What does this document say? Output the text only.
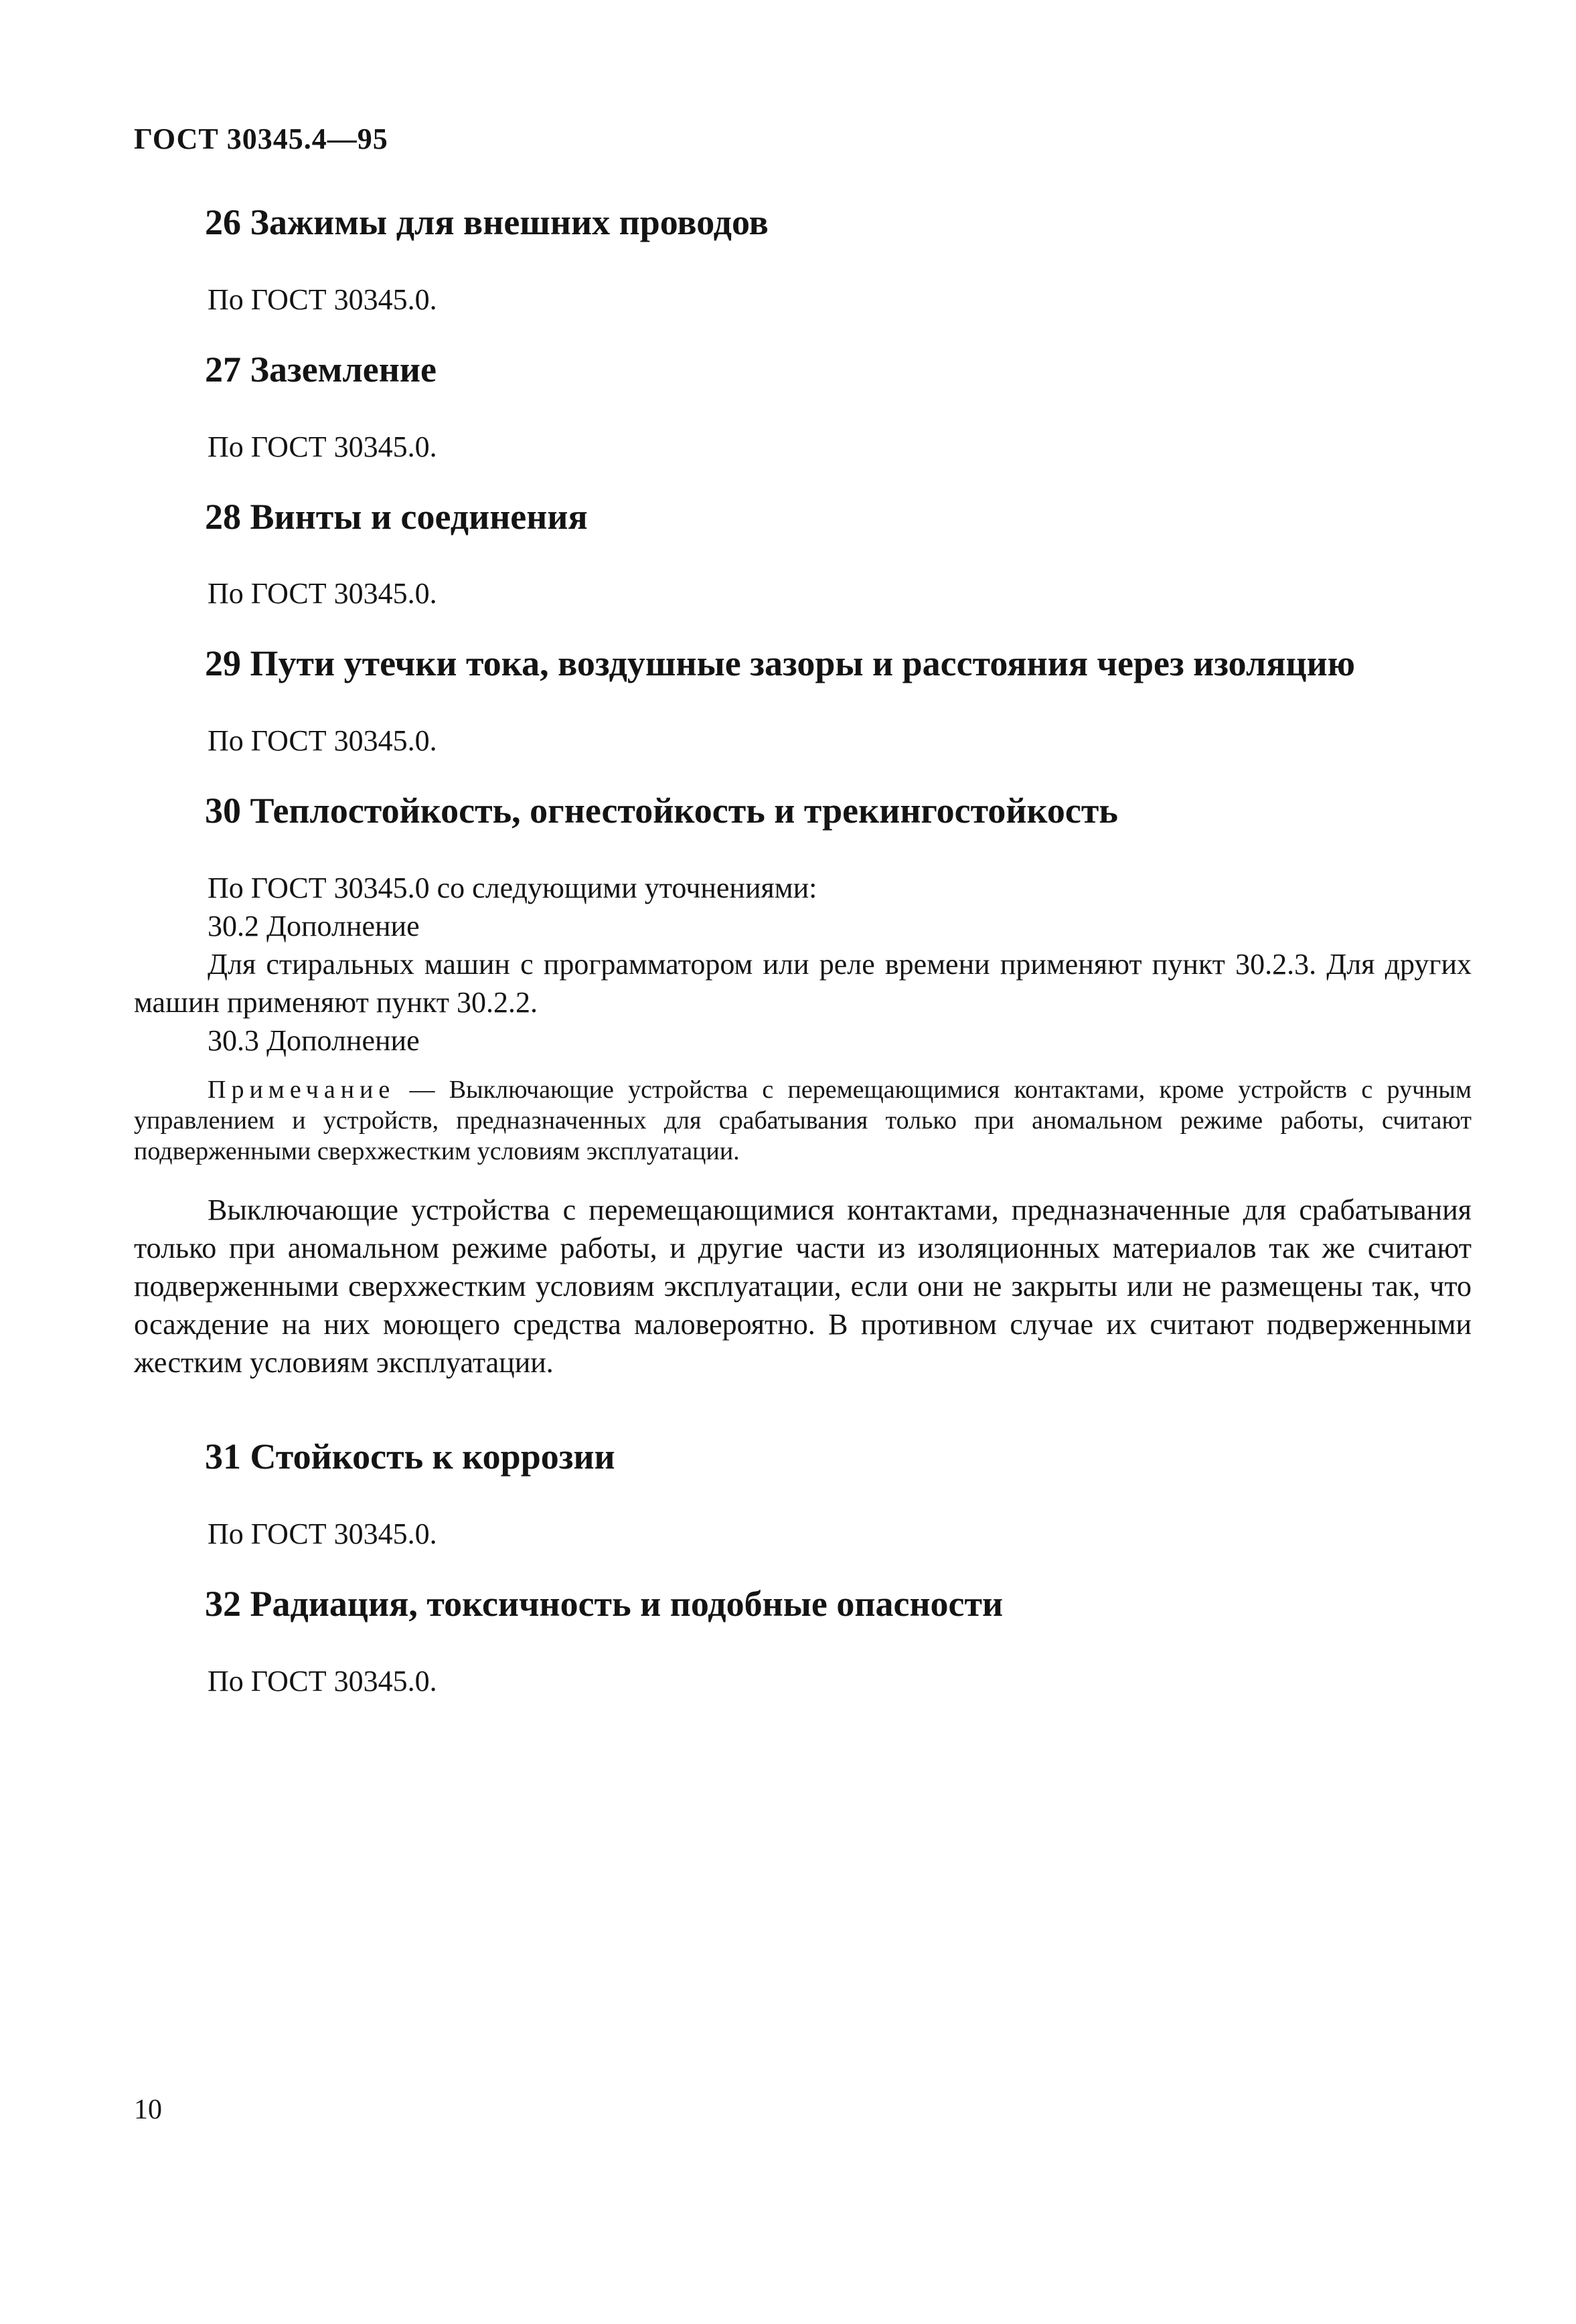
ГОСТ 30345.4—95
26 Зажимы для внешних проводов

По ГОСТ 30345.0.

27 Заземление

По ГОСТ 30345.0.

28 Винты и соединения

По ГОСТ 30345.0.

29 Пути утечки тока, воздушные зазоры и расстояния через изоляцию

По ГОСТ 30345.0.

30 Теплостойкость, огнестойкость и трекингостойкость

По ГОСТ 30345.0 со следующими уточнениями:

30.2 Дополнение

Для стиральных машин с программатором или реле времени применяют пункт 30.2.3. Для других машин применяют пункт 30.2.2.

30.3 Дополнение

Примечание — Выключающие устройства с перемещающимися контактами, кроме устройств с ручным управлением и устройств, предназначенных для срабатывания только при аномальном режиме работы, считают подверженными сверхжестким условиям эксплуатации.

Выключающие устройства с перемещающимися контактами, предназначенные для срабатывания только при аномальном режиме работы, и другие части из изоляционных материалов так же считают подверженными сверхжестким условиям эксплуатации, если они не закрыты или не размещены так, что осаждение на них моющего средства маловероятно. В противном случае их считают подверженными жестким условиям эксплуатации.

31 Стойкость к коррозии

По ГОСТ 30345.0.

32 Радиация, токсичность и подобные опасности

По ГОСТ 30345.0.

10
